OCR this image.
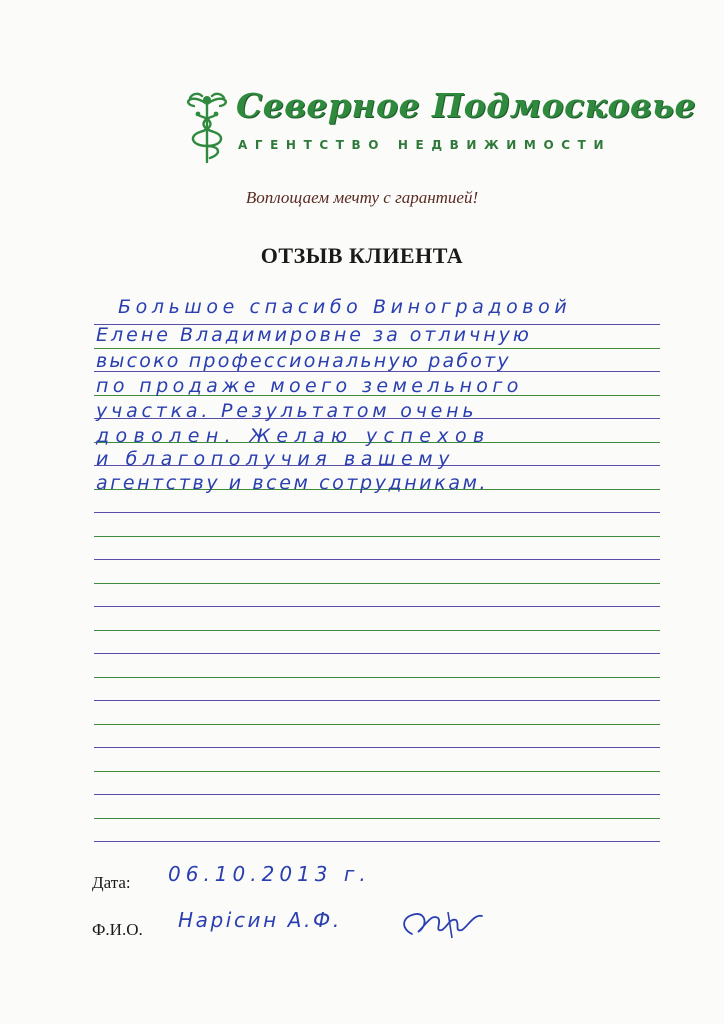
Северное Подмосковье
АГЕНТСТВО НЕДВИЖИМОСТИ
Воплощаем мечту с гарантией!
ОТЗЫВ КЛИЕНТА
Большое спасибо Виноградовой
Елене Владимировне за отличную
высоко профессиональную работу
по продаже моего земельного
участка. Результатом очень
доволен. Желаю успехов
и благополучия вашему
агентству и всем сотрудникам.
Дата: 06.10.2013 г.
Ф.И.О. Нарісин А.Ф.
